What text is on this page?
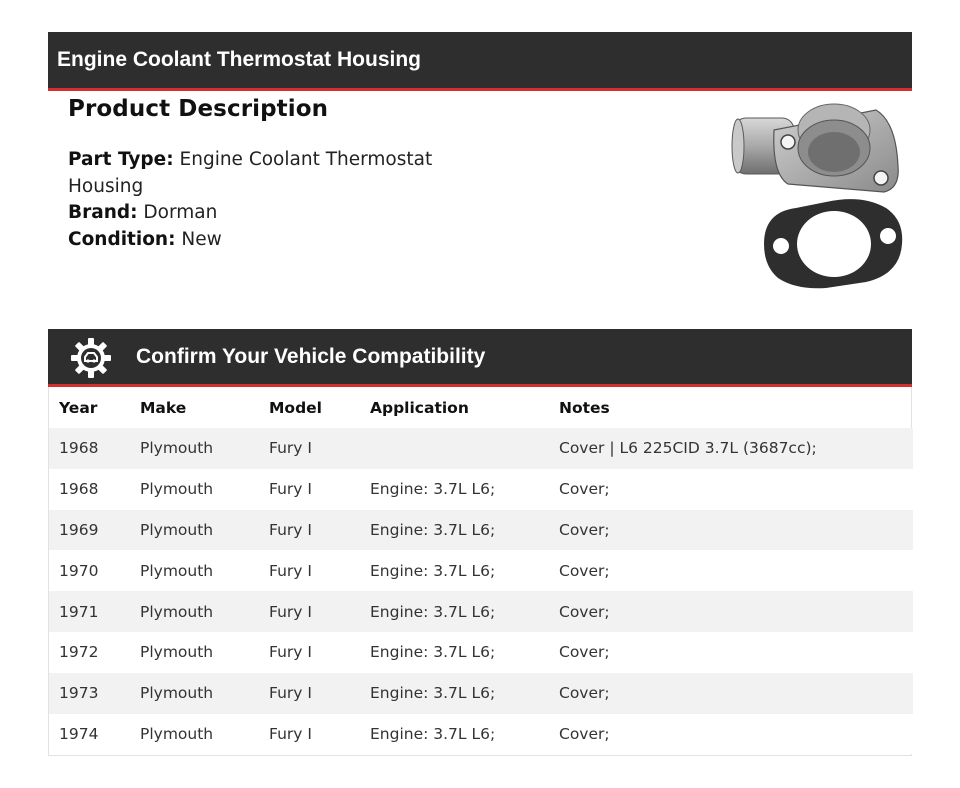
Engine Coolant Thermostat Housing
Product Description
Part Type: Engine Coolant Thermostat Housing
Brand: Dorman
Condition: New
Confirm Your Vehicle Compatibility
Year	Make	Model	Application	Notes
1968	Plymouth	Fury I		Cover | L6 225CID 3.7L (3687cc);
1968	Plymouth	Fury I	Engine: 3.7L L6;	Cover;
1969	Plymouth	Fury I	Engine: 3.7L L6;	Cover;
1970	Plymouth	Fury I	Engine: 3.7L L6;	Cover;
1971	Plymouth	Fury I	Engine: 3.7L L6;	Cover;
1972	Plymouth	Fury I	Engine: 3.7L L6;	Cover;
1973	Plymouth	Fury I	Engine: 3.7L L6;	Cover;
1974	Plymouth	Fury I	Engine: 3.7L L6;	Cover;
